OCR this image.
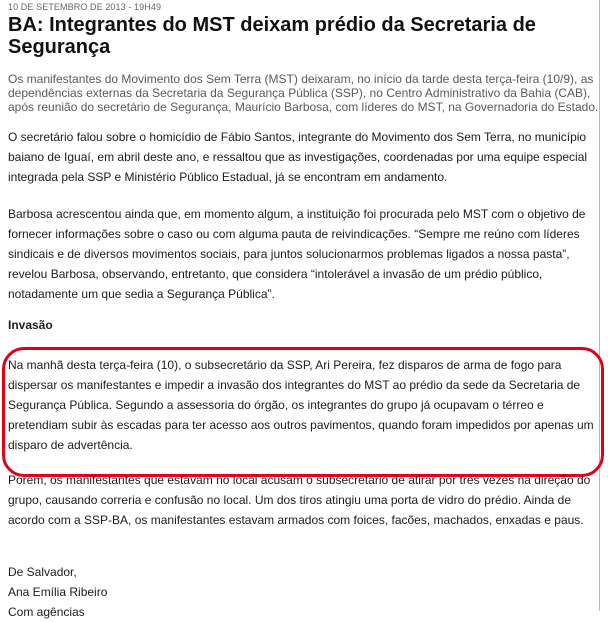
10 DE SETEMBRO DE 2013 - 19H49
BA: Integrantes do MST deixam prédio da Secretaria de Segurança

Os manifestantes do Movimento dos Sem Terra (MST) deixaram, no início da tarde desta terça-feira (10/9), as dependências externas da Secretaria da Segurança Pública (SSP), no Centro Administrativo da Bahia (CAB), após reunião do secretário de Segurança, Maurício Barbosa, com líderes do MST, na Governadoria do Estado.

O secretário falou sobre o homicídio de Fábio Santos, integrante do Movimento dos Sem Terra, no município baiano de Iguaí, em abril deste ano, e ressaltou que as investigações, coordenadas por uma equipe especial integrada pela SSP e Ministério Público Estadual, já se encontram em andamento.

Barbosa acrescentou ainda que, em momento algum, a instituição foi procurada pelo MST com o objetivo de fornecer informações sobre o caso ou com alguma pauta de reivindicações. “Sempre me reúno com líderes sindicais e de diversos movimentos sociais, para juntos solucionarmos problemas ligados a nossa pasta”, revelou Barbosa, observando, entretanto, que considera “intolerável a invasão de um prédio público, notadamente um que sedia a Segurança Pública”.

Invasão

Na manhã desta terça-feira (10), o subsecretário da SSP, Ari Pereira, fez disparos de arma de fogo para dispersar os manifestantes e impedir a invasão dos integrantes do MST ao prédio da sede da Secretaria de Segurança Pública. Segundo a assessoria do órgão, os integrantes do grupo já ocupavam o térreo e pretendiam subir às escadas para ter acesso aos outros pavimentos, quando foram impedidos por apenas um disparo de advertência.

Porém, os manifestantes que estavam no local acusam o subsecretário de atirar por três vezes na direção do grupo, causando correria e confusão no local. Um dos tiros atingiu uma porta de vidro do prédio. Ainda de acordo com a SSP-BA, os manifestantes estavam armados com foices, facões, machados, enxadas e paus.

De Salvador,
Ana Emília Ribeiro
Com agências
